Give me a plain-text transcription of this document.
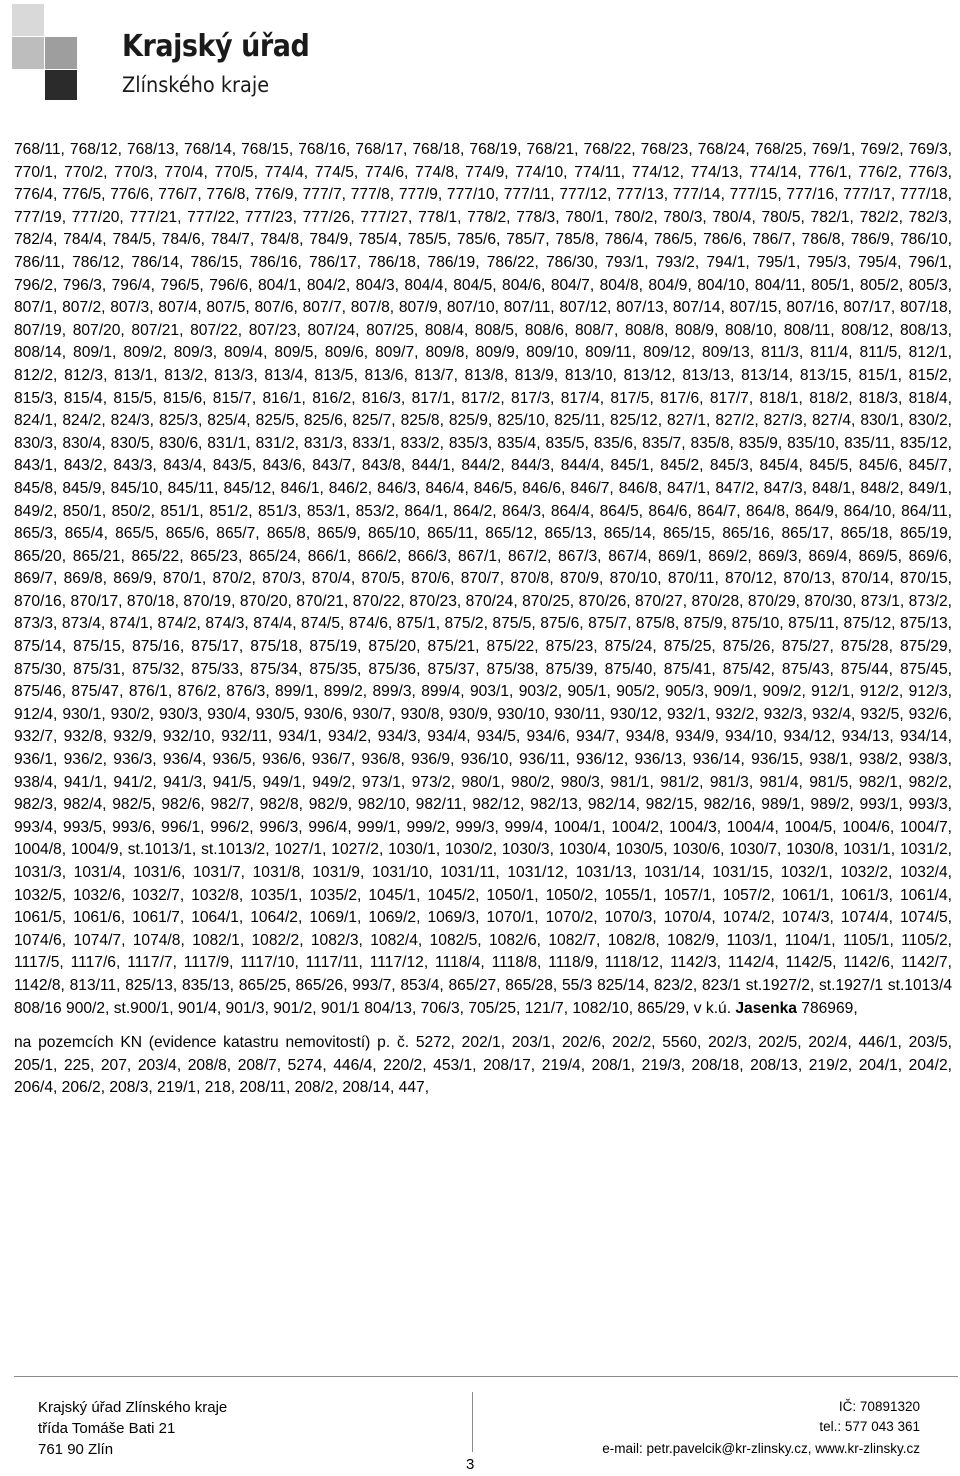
Krajský úřad
Zlínského kraje

768/11, 768/12, 768/13, 768/14, 768/15, 768/16, 768/17, 768/18, 768/19, 768/21, 768/22, 768/23, 768/24, 768/25, 769/1, 769/2, 769/3, 770/1, 770/2, 770/3, 770/4, 770/5, 774/4, 774/5, 774/6, 774/8, 774/9, 774/10, 774/11, 774/12, 774/13, 774/14, 776/1, 776/2, 776/3, 776/4, 776/5, 776/6, 776/7, 776/8, 776/9, 777/7, 777/8, 777/9, 777/10, 777/11, 777/12, 777/13, 777/14, 777/15, 777/16, 777/17, 777/18, 777/19, 777/20, 777/21, 777/22, 777/23, 777/26, 777/27, 778/1, 778/2, 778/3, 780/1, 780/2, 780/3, 780/4, 780/5, 782/1, 782/2, 782/3, 782/4, 784/4, 784/5, 784/6, 784/7, 784/8, 784/9, 785/4, 785/5, 785/6, 785/7, 785/8, 786/4, 786/5, 786/6, 786/7, 786/8, 786/9, 786/10, 786/11, 786/12, 786/14, 786/15, 786/16, 786/17, 786/18, 786/19, 786/22, 786/30, 793/1, 793/2, 794/1, 795/1, 795/3, 795/4, 796/1, 796/2, 796/3, 796/4, 796/5, 796/6, 804/1, 804/2, 804/3, 804/4, 804/5, 804/6, 804/7, 804/8, 804/9, 804/10, 804/11, 805/1, 805/2, 805/3, 807/1, 807/2, 807/3, 807/4, 807/5, 807/6, 807/7, 807/8, 807/9, 807/10, 807/11, 807/12, 807/13, 807/14, 807/15, 807/16, 807/17, 807/18, 807/19, 807/20, 807/21, 807/22, 807/23, 807/24, 807/25, 808/4, 808/5, 808/6, 808/7, 808/8, 808/9, 808/10, 808/11, 808/12, 808/13, 808/14, 809/1, 809/2, 809/3, 809/4, 809/5, 809/6, 809/7, 809/8, 809/9, 809/10, 809/11, 809/12, 809/13, 811/3, 811/4, 811/5, 812/1, 812/2, 812/3, 813/1, 813/2, 813/3, 813/4, 813/5, 813/6, 813/7, 813/8, 813/9, 813/10, 813/12, 813/13, 813/14, 813/15, 815/1, 815/2, 815/3, 815/4, 815/5, 815/6, 815/7, 816/1, 816/2, 816/3, 817/1, 817/2, 817/3, 817/4, 817/5, 817/6, 817/7, 818/1, 818/2, 818/3, 818/4, 824/1, 824/2, 824/3, 825/3, 825/4, 825/5, 825/6, 825/7, 825/8, 825/9, 825/10, 825/11, 825/12, 827/1, 827/2, 827/3, 827/4, 830/1, 830/2, 830/3, 830/4, 830/5, 830/6, 831/1, 831/2, 831/3, 833/1, 833/2, 835/3, 835/4, 835/5, 835/6, 835/7, 835/8, 835/9, 835/10, 835/11, 835/12, 843/1, 843/2, 843/3, 843/4, 843/5, 843/6, 843/7, 843/8, 844/1, 844/2, 844/3, 844/4, 845/1, 845/2, 845/3, 845/4, 845/5, 845/6, 845/7, 845/8, 845/9, 845/10, 845/11, 845/12, 846/1, 846/2, 846/3, 846/4, 846/5, 846/6, 846/7, 846/8, 847/1, 847/2, 847/3, 848/1, 848/2, 849/1, 849/2, 850/1, 850/2, 851/1, 851/2, 851/3, 853/1, 853/2, 864/1, 864/2, 864/3, 864/4, 864/5, 864/6, 864/7, 864/8, 864/9, 864/10, 864/11, 865/3, 865/4, 865/5, 865/6, 865/7, 865/8, 865/9, 865/10, 865/11, 865/12, 865/13, 865/14, 865/15, 865/16, 865/17, 865/18, 865/19, 865/20, 865/21, 865/22, 865/23, 865/24, 866/1, 866/2, 866/3, 867/1, 867/2, 867/3, 867/4, 869/1, 869/2, 869/3, 869/4, 869/5, 869/6, 869/7, 869/8, 869/9, 870/1, 870/2, 870/3, 870/4, 870/5, 870/6, 870/7, 870/8, 870/9, 870/10, 870/11, 870/12, 870/13, 870/14, 870/15, 870/16, 870/17, 870/18, 870/19, 870/20, 870/21, 870/22, 870/23, 870/24, 870/25, 870/26, 870/27, 870/28, 870/29, 870/30, 873/1, 873/2, 873/3, 873/4, 874/1, 874/2, 874/3, 874/4, 874/5, 874/6, 875/1, 875/2, 875/5, 875/6, 875/7, 875/8, 875/9, 875/10, 875/11, 875/12, 875/13, 875/14, 875/15, 875/16, 875/17, 875/18, 875/19, 875/20, 875/21, 875/22, 875/23, 875/24, 875/25, 875/26, 875/27, 875/28, 875/29, 875/30, 875/31, 875/32, 875/33, 875/34, 875/35, 875/36, 875/37, 875/38, 875/39, 875/40, 875/41, 875/42, 875/43, 875/44, 875/45, 875/46, 875/47, 876/1, 876/2, 876/3, 899/1, 899/2, 899/3, 899/4, 903/1, 903/2, 905/1, 905/2, 905/3, 909/1, 909/2, 912/1, 912/2, 912/3, 912/4, 930/1, 930/2, 930/3, 930/4, 930/5, 930/6, 930/7, 930/8, 930/9, 930/10, 930/11, 930/12, 932/1, 932/2, 932/3, 932/4, 932/5, 932/6, 932/7, 932/8, 932/9, 932/10, 932/11, 934/1, 934/2, 934/3, 934/4, 934/5, 934/6, 934/7, 934/8, 934/9, 934/10, 934/12, 934/13, 934/14, 936/1, 936/2, 936/3, 936/4, 936/5, 936/6, 936/7, 936/8, 936/9, 936/10, 936/11, 936/12, 936/13, 936/14, 936/15, 938/1, 938/2, 938/3, 938/4, 941/1, 941/2, 941/3, 941/5, 949/1, 949/2, 973/1, 973/2, 980/1, 980/2, 980/3, 981/1, 981/2, 981/3, 981/4, 981/5, 982/1, 982/2, 982/3, 982/4, 982/5, 982/6, 982/7, 982/8, 982/9, 982/10, 982/11, 982/12, 982/13, 982/14, 982/15, 982/16, 989/1, 989/2, 993/1, 993/3, 993/4, 993/5, 993/6, 996/1, 996/2, 996/3, 996/4, 999/1, 999/2, 999/3, 999/4, 1004/1, 1004/2, 1004/3, 1004/4, 1004/5, 1004/6, 1004/7, 1004/8, 1004/9, st.1013/1, st.1013/2, 1027/1, 1027/2, 1030/1, 1030/2, 1030/3, 1030/4, 1030/5, 1030/6, 1030/7, 1030/8, 1031/1, 1031/2, 1031/3, 1031/4, 1031/6, 1031/7, 1031/8, 1031/9, 1031/10, 1031/11, 1031/12, 1031/13, 1031/14, 1031/15, 1032/1, 1032/2, 1032/4, 1032/5, 1032/6, 1032/7, 1032/8, 1035/1, 1035/2, 1045/1, 1045/2, 1050/1, 1050/2, 1055/1, 1057/1, 1057/2, 1061/1, 1061/3, 1061/4, 1061/5, 1061/6, 1061/7, 1064/1, 1064/2, 1069/1, 1069/2, 1069/3, 1070/1, 1070/2, 1070/3, 1070/4, 1074/2, 1074/3, 1074/4, 1074/5, 1074/6, 1074/7, 1074/8, 1082/1, 1082/2, 1082/3, 1082/4, 1082/5, 1082/6, 1082/7, 1082/8, 1082/9, 1103/1, 1104/1, 1105/1, 1105/2, 1117/5, 1117/6, 1117/7, 1117/9, 1117/10, 1117/11, 1117/12, 1118/4, 1118/8, 1118/9, 1118/12, 1142/3, 1142/4, 1142/5, 1142/6, 1142/7, 1142/8, 813/11, 825/13, 835/13, 865/25, 865/26, 993/7, 853/4, 865/27, 865/28, 55/3 825/14, 823/2, 823/1 st.1927/2, st.1927/1 st.1013/4 808/16 900/2, st.900/1, 901/4, 901/3, 901/2, 901/1 804/13, 706/3, 705/25, 121/7, 1082/10, 865/29, v k.ú. Jasenka 786969,

na pozemcích KN (evidence katastru nemovitostí) p. č. 5272, 202/1, 203/1, 202/6, 202/2, 5560, 202/3, 202/5, 202/4, 446/1, 203/5, 205/1, 225, 207, 203/4, 208/8, 208/7, 5274, 446/4, 220/2, 453/1, 208/17, 219/4, 208/1, 219/3, 208/18, 208/13, 219/2, 204/1, 204/2, 206/4, 206/2, 208/3, 219/1, 218, 208/11, 208/2, 208/14, 447,

Krajský úřad Zlínského kraje
třída Tomáše Bati 21
761 90 Zlín
3
IČ: 70891320
tel.: 577 043 361
e-mail: petr.pavelcik@kr-zlinsky.cz, www.kr-zlinsky.cz
